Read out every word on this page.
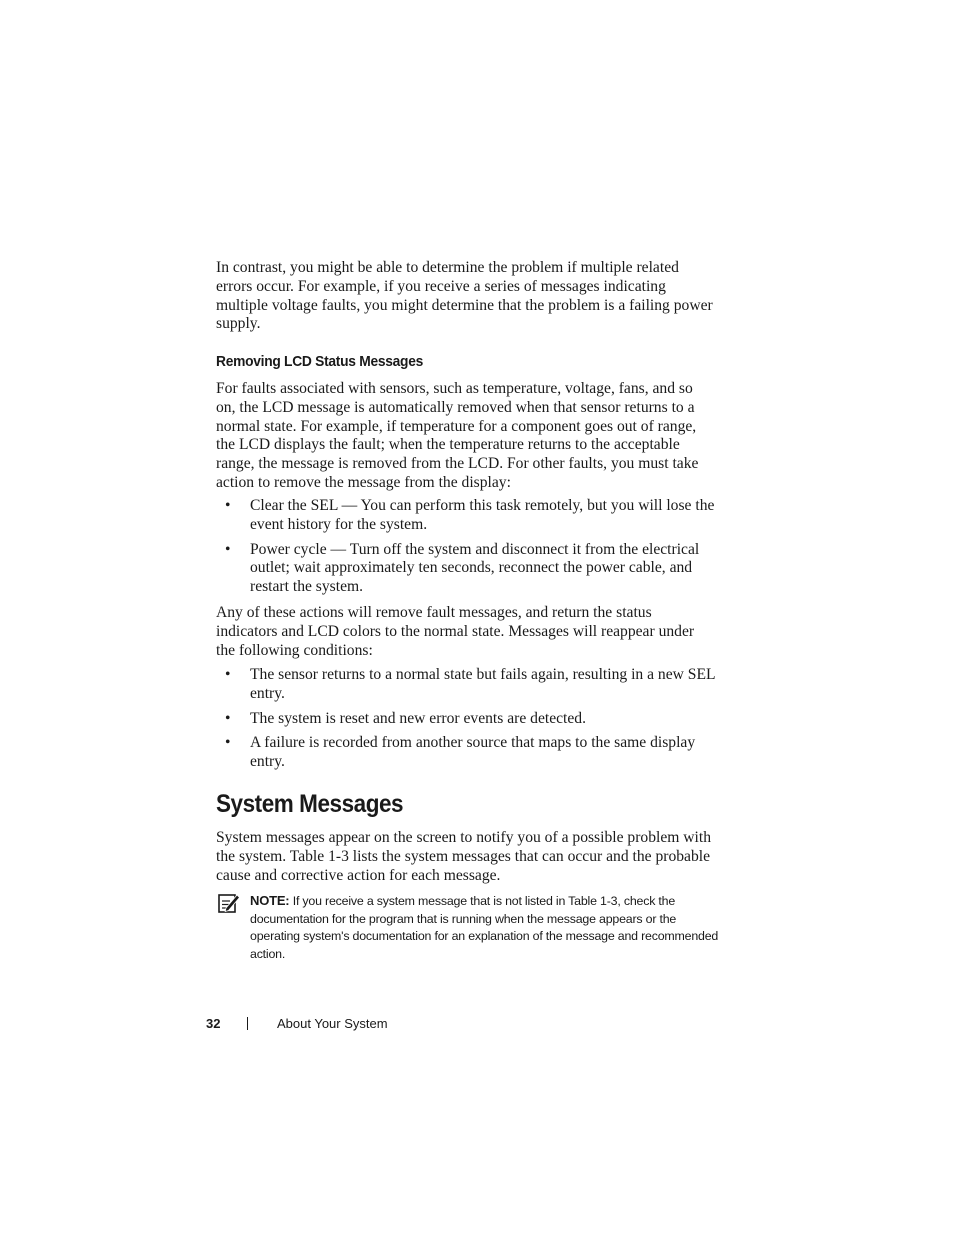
In contrast, you might be able to determine the problem if multiple related errors occur. For example, if you receive a series of messages indicating multiple voltage faults, you might determine that the problem is a failing power supply.

Removing LCD Status Messages

For faults associated with sensors, such as temperature, voltage, fans, and so on, the LCD message is automatically removed when that sensor returns to a normal state. For example, if temperature for a component goes out of range, the LCD displays the fault; when the temperature returns to the acceptable range, the message is removed from the LCD. For other faults, you must take action to remove the message from the display:

• Clear the SEL — You can perform this task remotely, but you will lose the event history for the system.
• Power cycle — Turn off the system and disconnect it from the electrical outlet; wait approximately ten seconds, reconnect the power cable, and restart the system.

Any of these actions will remove fault messages, and return the status indicators and LCD colors to the normal state. Messages will reappear under the following conditions:

• The sensor returns to a normal state but fails again, resulting in a new SEL entry.
• The system is reset and new error events are detected.
• A failure is recorded from another source that maps to the same display entry.
System Messages

System messages appear on the screen to notify you of a possible problem with the system. Table 1-3 lists the system messages that can occur and the probable cause and corrective action for each message.

NOTE: If you receive a system message that is not listed in Table 1-3, check the documentation for the program that is running when the message appears or the operating system's documentation for an explanation of the message and recommended action.
32	About Your System
